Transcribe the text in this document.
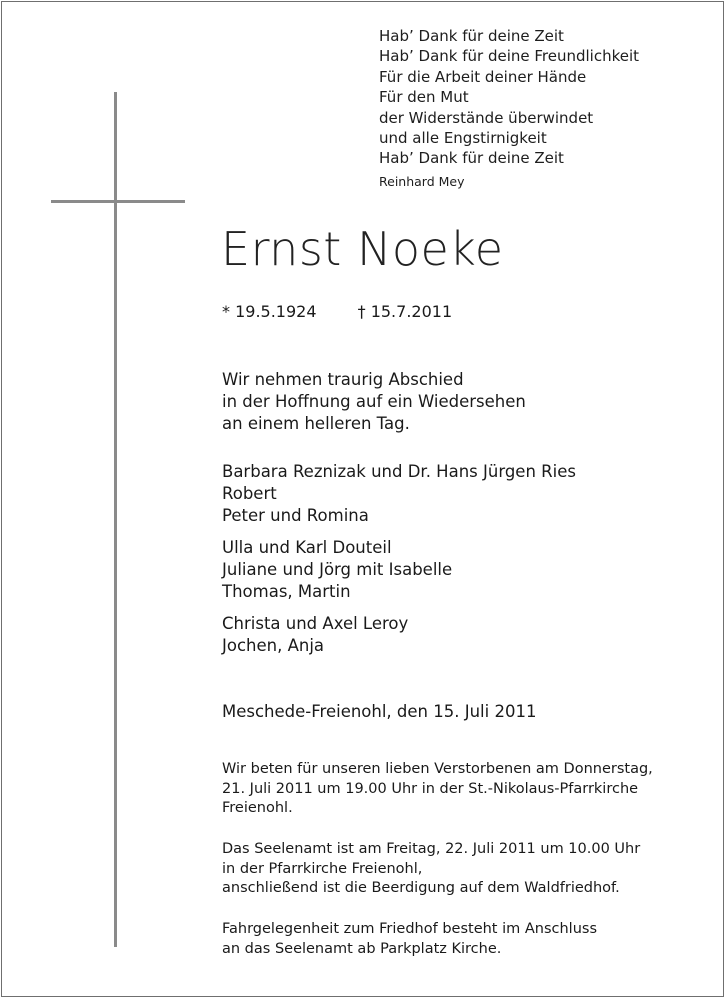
Hab’ Dank für deine Zeit
Hab’ Dank für deine Freundlichkeit
Für die Arbeit deiner Hände
Für den Mut
der Widerstände überwindet
und alle Engstirnigkeit
Hab’ Dank für deine Zeit
Reinhard Mey
Ernst Noeke
* 19.5.1924	† 15.7.2011
Wir nehmen traurig Abschied
in der Hoffnung auf ein Wiedersehen
an einem helleren Tag.
Barbara Reznizak und Dr. Hans Jürgen Ries
Robert
Peter und Romina
Ulla und Karl Douteil
Juliane und Jörg mit Isabelle
Thomas, Martin
Christa und Axel Leroy
Jochen, Anja
Meschede-Freienohl, den 15. Juli 2011
Wir beten für unseren lieben Verstorbenen am Donnerstag,
21. Juli 2011 um 19.00 Uhr in der St.-Nikolaus-Pfarrkirche
Freienohl.
Das Seelenamt ist am Freitag, 22. Juli 2011 um 10.00 Uhr
in der Pfarrkirche Freienohl,
anschließend ist die Beerdigung auf dem Waldfriedhof.
Fahrgelegenheit zum Friedhof besteht im Anschluss
an das Seelenamt ab Parkplatz Kirche.
